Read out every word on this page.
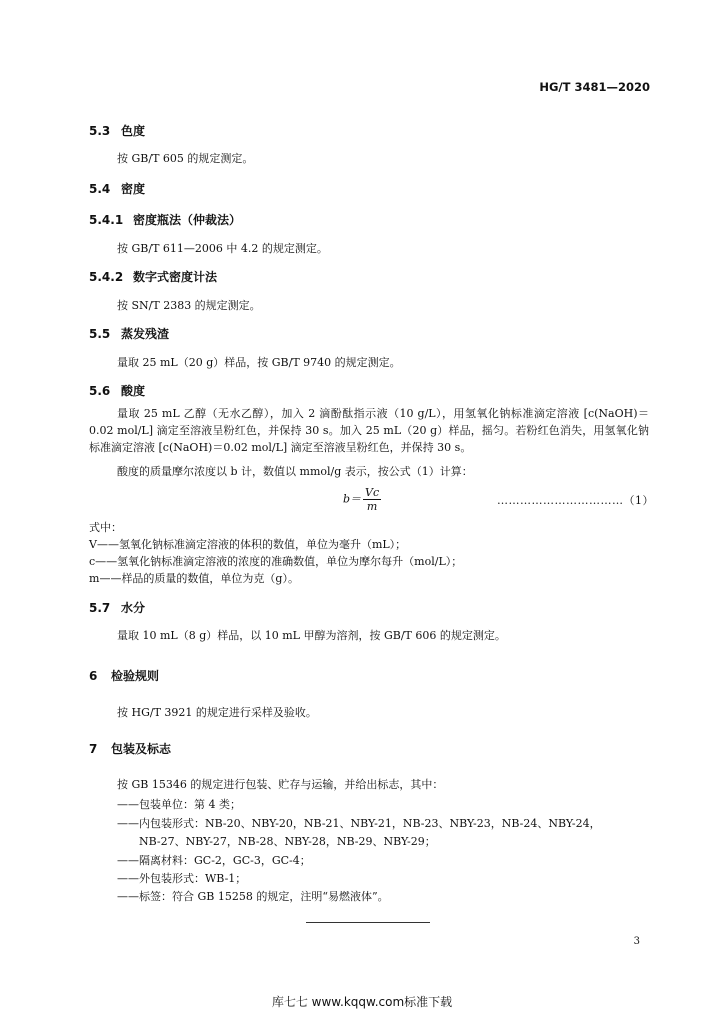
HG/T 3481—2020
5.3 色度
按 GB/T 605 的规定测定。
5.4 密度
5.4.1 密度瓶法（仲裁法）
按 GB/T 611—2006 中 4.2 的规定测定。
5.4.2 数字式密度计法
按 SN/T 2383 的规定测定。
5.5 蒸发残渣
量取 25 mL（20 g）样品，按 GB/T 9740 的规定测定。
5.6 酸度
量取 25 mL 乙醇（无水乙醇），加入 2 滴酚酞指示液（10 g/L），用氢氧化钠标准滴定溶液 [c(NaOH)＝0.02 mol/L] 滴定至溶液呈粉红色，并保持 30 s。加入 25 mL（20 g）样品，摇匀。若粉红色消失，用氢氧化钠标准滴定溶液 [c(NaOH)＝0.02 mol/L] 滴定至溶液呈粉红色，并保持 30 s。
酸度的质量摩尔浓度以 b 计，数值以 mmol/g 表示，按公式（1）计算：
$b= \frac{Vc}{m}$	……………………………（1）
式中：
V——氢氧化钠标准滴定溶液的体积的数值，单位为毫升（mL）；
c——氢氧化钠标准滴定溶液的浓度的准确数值，单位为摩尔每升（mol/L）；
m——样品的质量的数值，单位为克（g）。
5.7 水分
量取 10 mL（8 g）样品，以 10 mL 甲醇为溶剂，按 GB/T 606 的规定测定。
6 检验规则
按 HG/T 3921 的规定进行采样及验收。
7 包装及标志
按 GB 15346 的规定进行包装、贮存与运输，并给出标志，其中：
——包装单位：第 4 类；
——内包装形式：NB-20、NBY-20，NB-21、NBY-21，NB-23、NBY-23，NB-24、NBY-24，
NB-27、NBY-27，NB-28、NBY-28，NB-29、NBY-29；
——隔离材料：GC-2，GC-3，GC-4；
——外包装形式：WB-1；
——标签：符合 GB 15258 的规定，注明“易燃液体”。
3
库七七 www.kqqw.com标准下载
